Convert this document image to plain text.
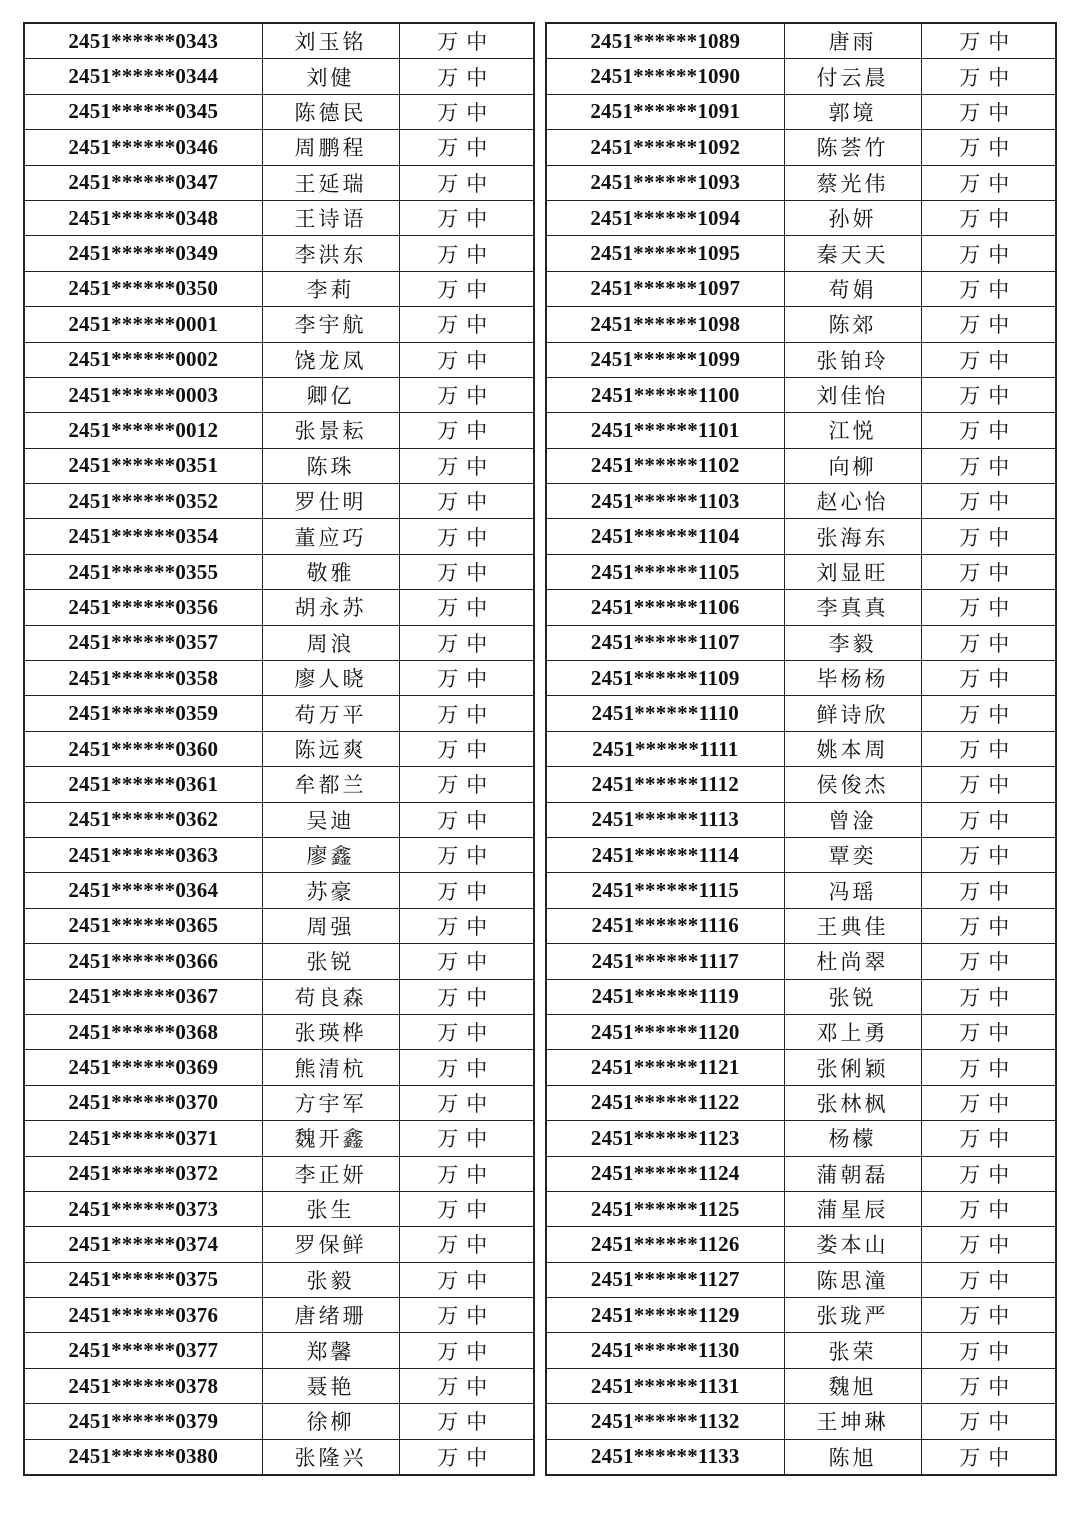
2451******0343	刘玉铭	万中
2451******0344	刘健	万中
2451******0345	陈德民	万中
2451******0346	周鹏程	万中
2451******0347	王延瑞	万中
2451******0348	王诗语	万中
2451******0349	李洪东	万中
2451******0350	李莉	万中
2451******0001	李宇航	万中
2451******0002	饶龙凤	万中
2451******0003	卿亿	万中
2451******0012	张景耘	万中
2451******0351	陈珠	万中
2451******0352	罗仕明	万中
2451******0354	董应巧	万中
2451******0355	敬雅	万中
2451******0356	胡永苏	万中
2451******0357	周浪	万中
2451******0358	廖人晓	万中
2451******0359	苟万平	万中
2451******0360	陈远爽	万中
2451******0361	牟都兰	万中
2451******0362	吴迪	万中
2451******0363	廖鑫	万中
2451******0364	苏豪	万中
2451******0365	周强	万中
2451******0366	张锐	万中
2451******0367	苟良森	万中
2451******0368	张瑛桦	万中
2451******0369	熊清杭	万中
2451******0370	方宇军	万中
2451******0371	魏开鑫	万中
2451******0372	李正妍	万中
2451******0373	张生	万中
2451******0374	罗保鲜	万中
2451******0375	张毅	万中
2451******0376	唐绪珊	万中
2451******0377	郑馨	万中
2451******0378	聂艳	万中
2451******0379	徐柳	万中
2451******0380	张隆兴	万中
2451******1089	唐雨	万中
2451******1090	付云晨	万中
2451******1091	郭境	万中
2451******1092	陈荟竹	万中
2451******1093	蔡光伟	万中
2451******1094	孙妍	万中
2451******1095	秦天天	万中
2451******1097	苟娟	万中
2451******1098	陈郊	万中
2451******1099	张铂玲	万中
2451******1100	刘佳怡	万中
2451******1101	江悦	万中
2451******1102	向柳	万中
2451******1103	赵心怡	万中
2451******1104	张海东	万中
2451******1105	刘显旺	万中
2451******1106	李真真	万中
2451******1107	李毅	万中
2451******1109	毕杨杨	万中
2451******1110	鲜诗欣	万中
2451******1111	姚本周	万中
2451******1112	侯俊杰	万中
2451******1113	曾淦	万中
2451******1114	覃奕	万中
2451******1115	冯瑶	万中
2451******1116	王典佳	万中
2451******1117	杜尚翠	万中
2451******1119	张锐	万中
2451******1120	邓上勇	万中
2451******1121	张俐颖	万中
2451******1122	张林枫	万中
2451******1123	杨檬	万中
2451******1124	蒲朝磊	万中
2451******1125	蒲星辰	万中
2451******1126	娄本山	万中
2451******1127	陈思潼	万中
2451******1129	张珑严	万中
2451******1130	张荣	万中
2451******1131	魏旭	万中
2451******1132	王坤琳	万中
2451******1133	陈旭	万中
